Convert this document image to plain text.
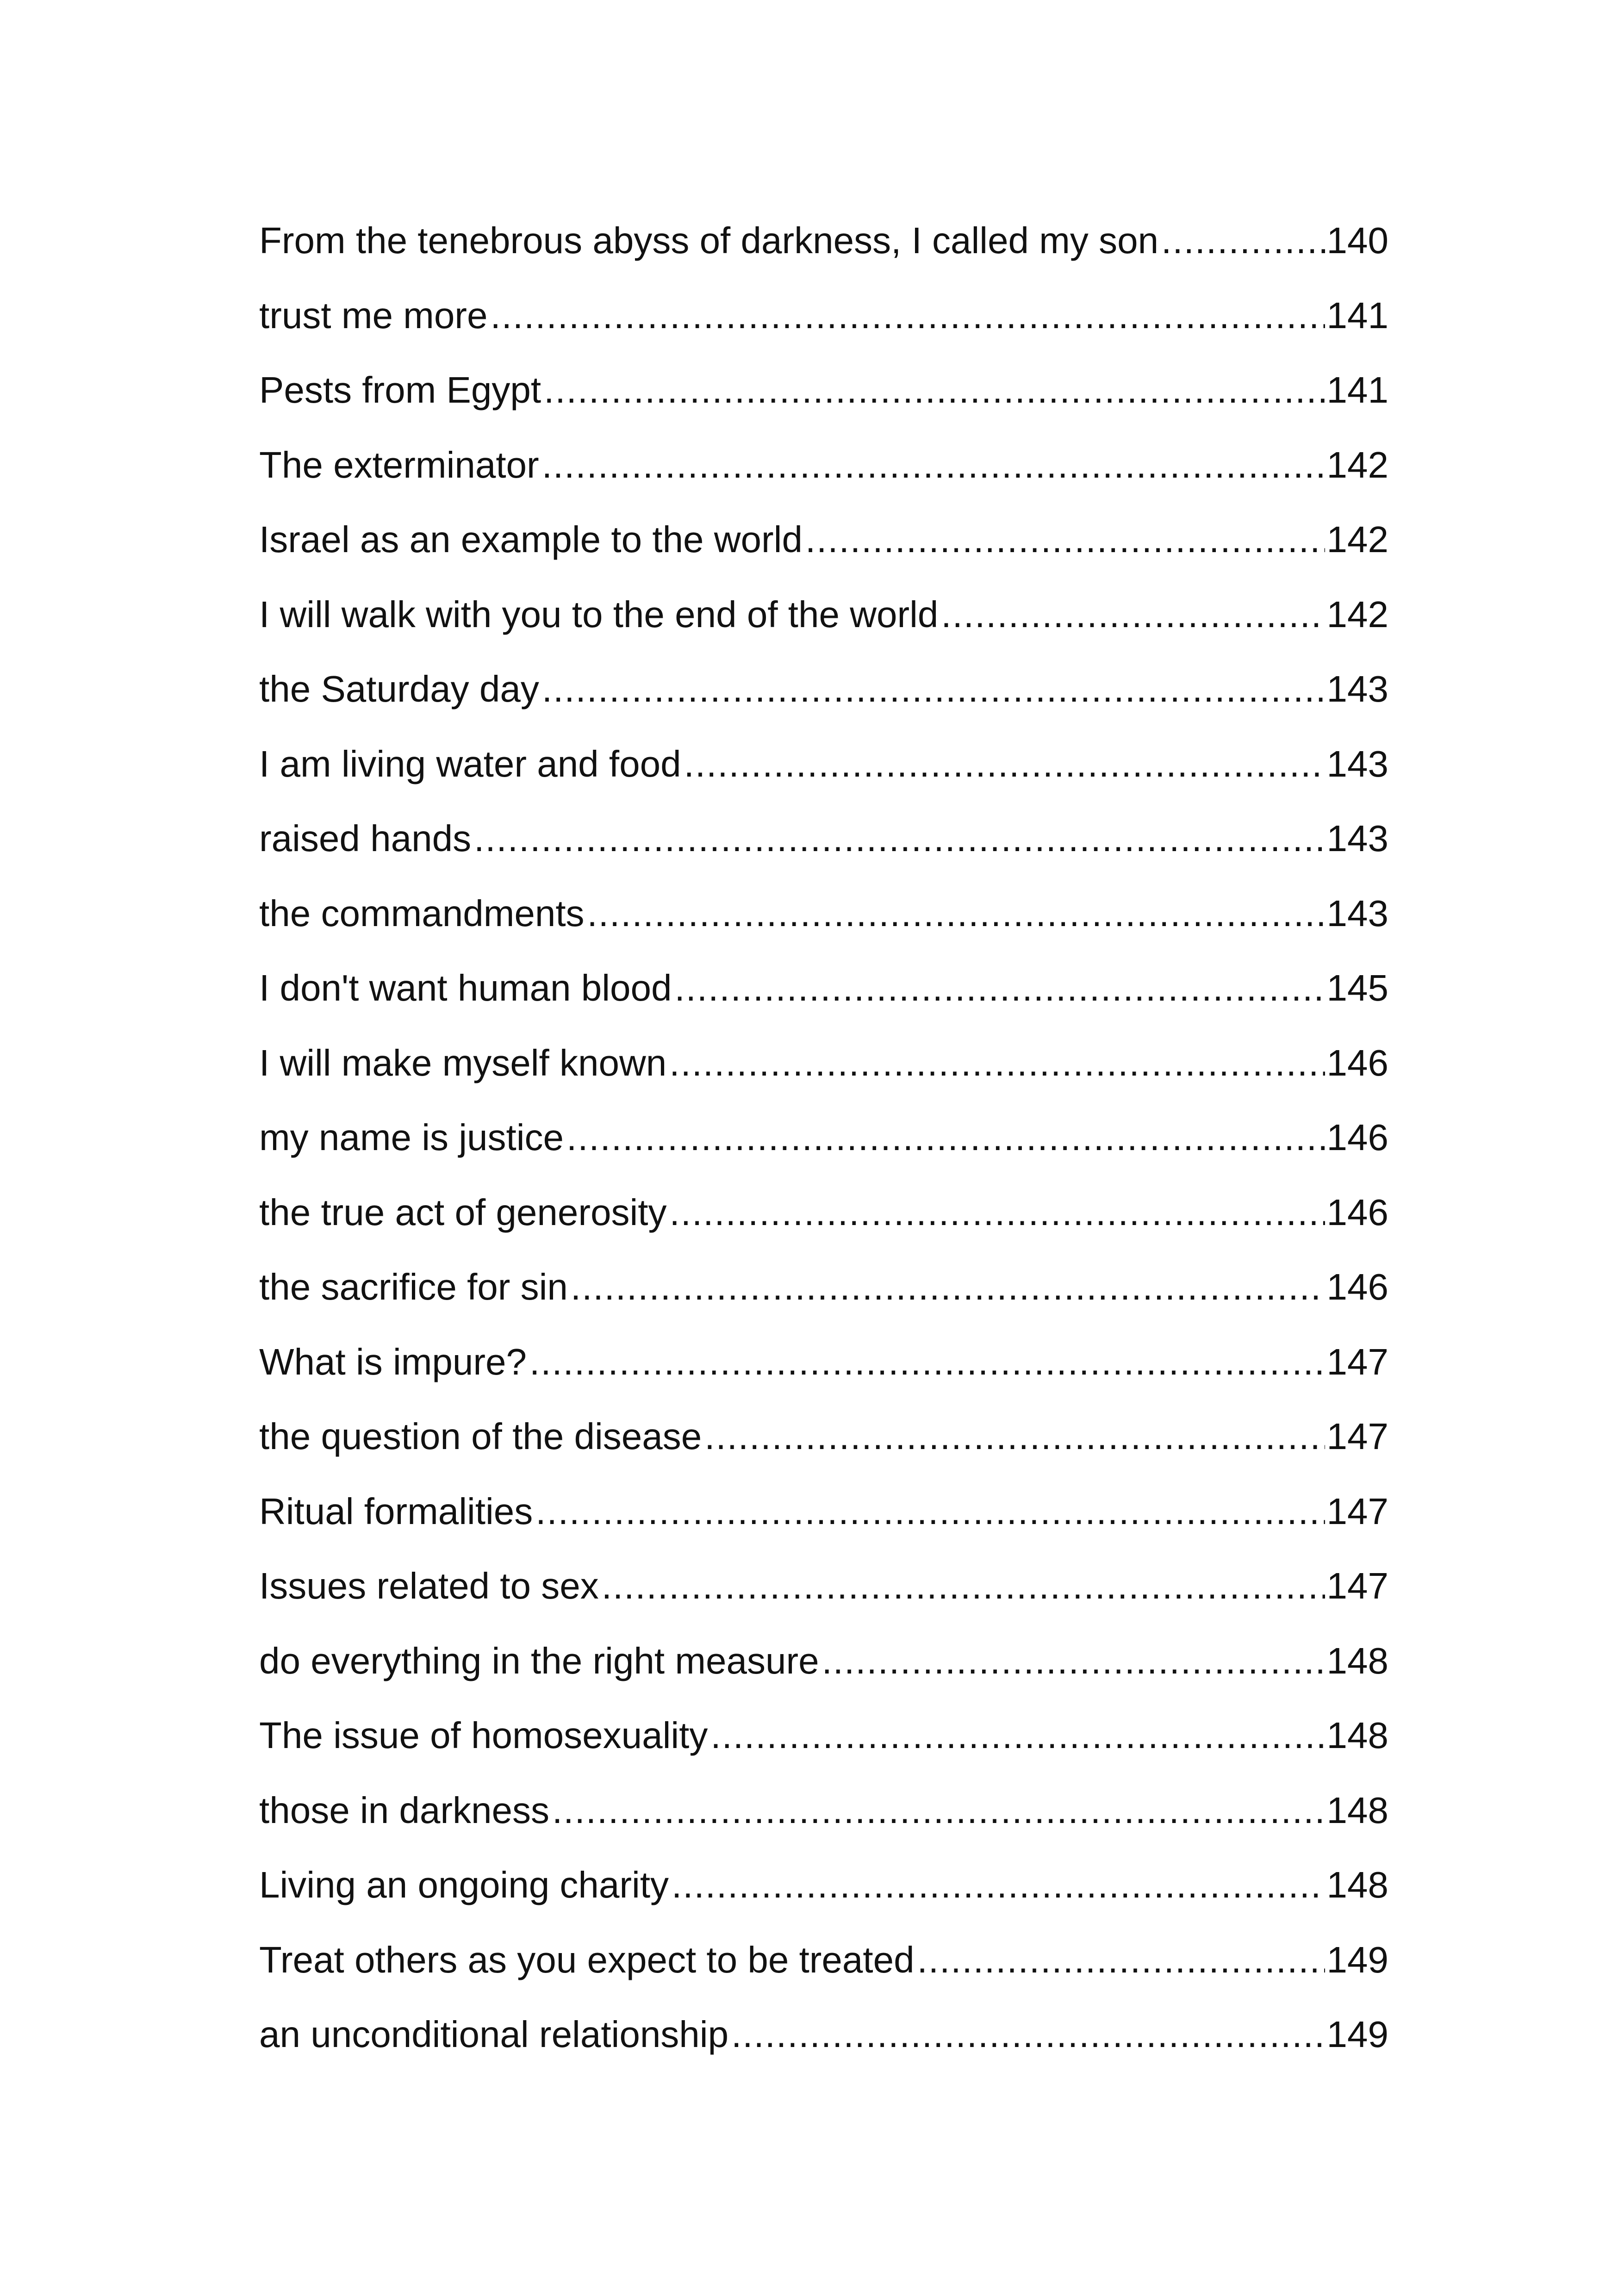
From the tenebrous abyss of darkness, I called my son .....	140
trust me more .....	141
Pests from Egypt .....	141
The exterminator .....	142
Israel as an example to the world .....	142
I will walk with you to the end of the world .....	142
the Saturday day .....	143
I am living water and food .....	143
raised hands .....	143
the commandments .....	143
I don't want human blood .....	145
I will make myself known .....	146
my name is justice .....	146
the true act of generosity .....	146
the sacrifice for sin .....	146
What is impure? .....	147
the question of the disease .....	147
Ritual formalities .....	147
Issues related to sex .....	147
do everything in the right measure .....	148
The issue of homosexuality .....	148
those in darkness .....	148
Living an ongoing charity .....	148
Treat others as you expect to be treated .....	149
an unconditional relationship .....	149
